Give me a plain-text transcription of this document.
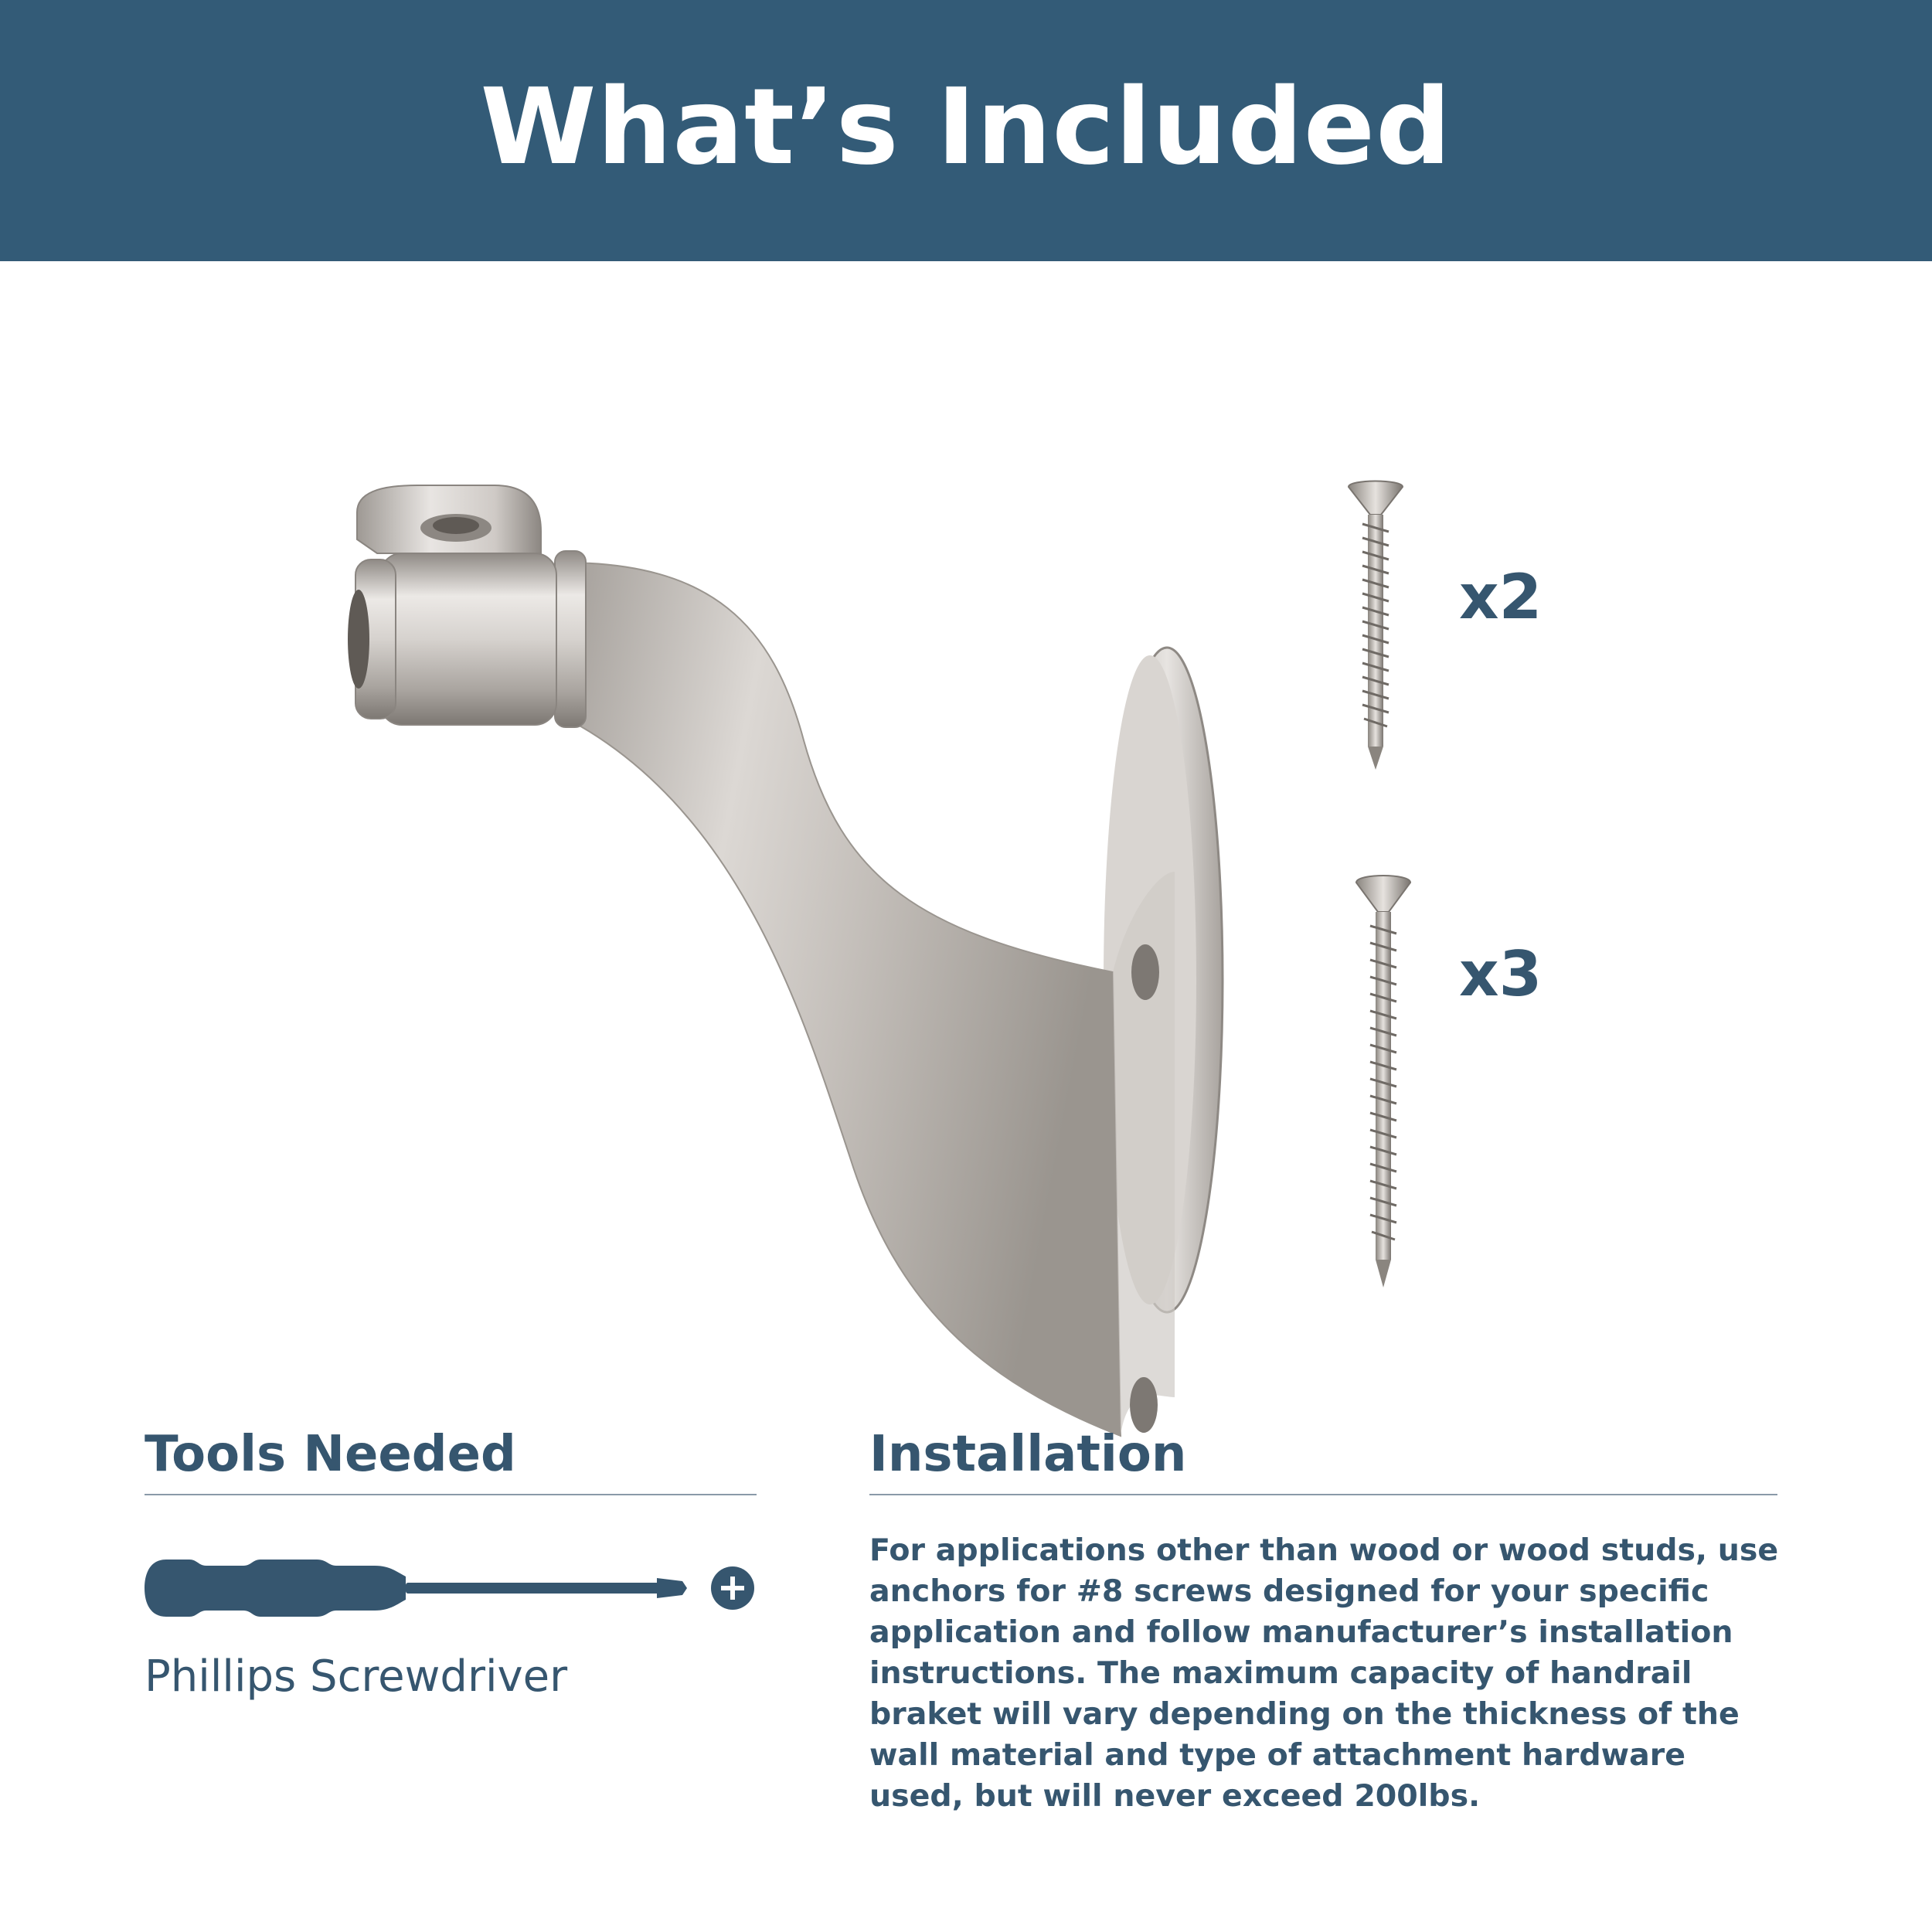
What’s Included
x2
x3
Tools Needed
Phillips Screwdriver
Installation

For applications other than wood or wood studs, use anchors for #8 screws designed for your specific application and follow manufacturer’s installation instructions. The maximum capacity of handrail braket will vary depending on the thickness of the wall material and type of attachment hardware used, but will never exceed 200lbs.
